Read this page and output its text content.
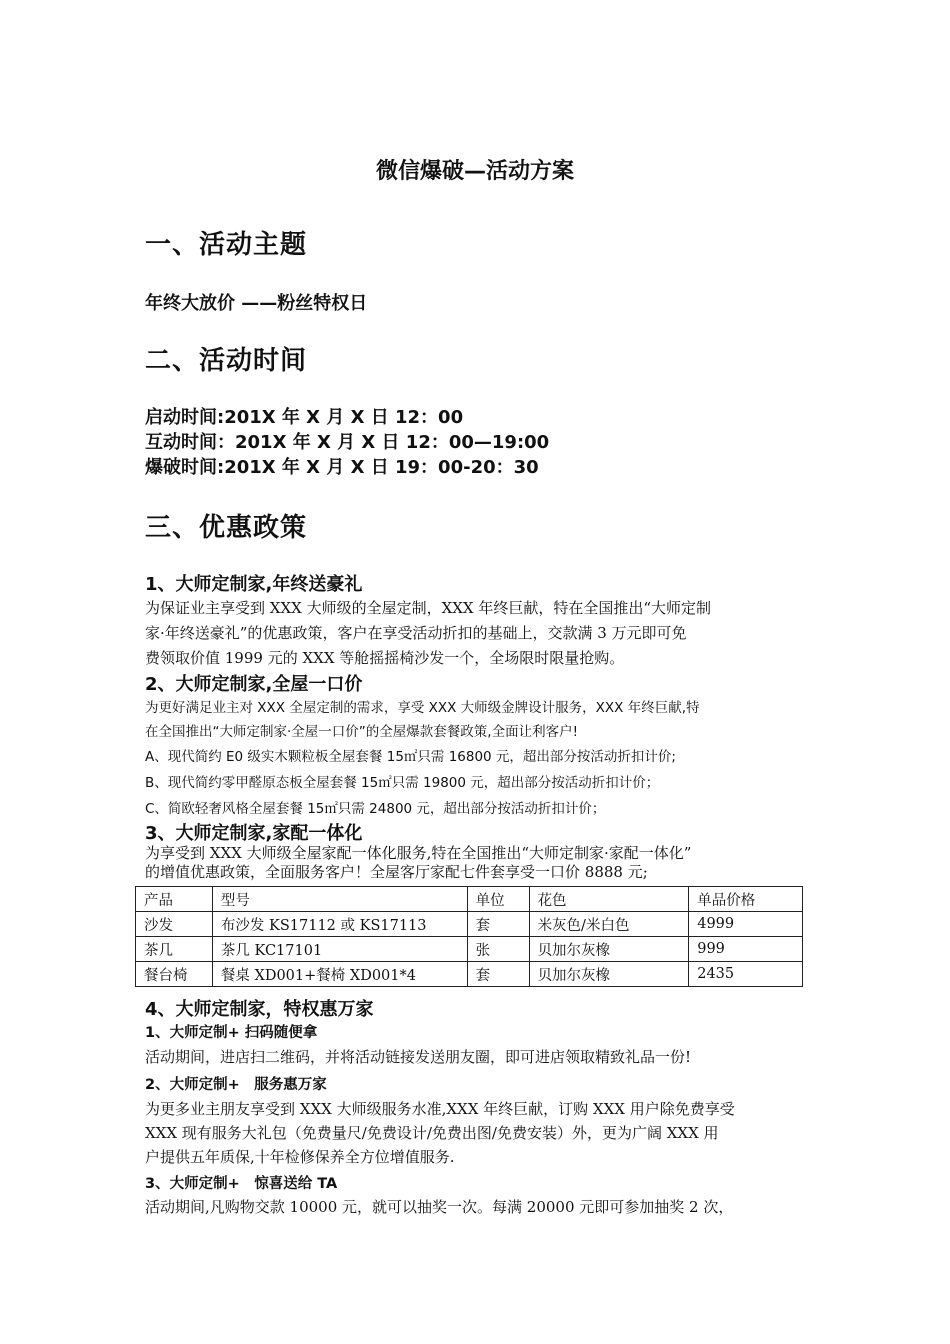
微信爆破—活动方案
一、活动主题
年终大放价 ——粉丝特权日
二、活动时间
启动时间:201X 年 X 月 X 日 12：00
互动时间：201X 年 X 月 X 日 12：00—19:00
爆破时间:201X 年 X 月 X 日 19：00-20：30
三、优惠政策
1、大师定制家,年终送豪礼
为保证业主享受到 XXX 大师级的全屋定制，XXX 年终巨献，特在全国推出“大师定制
家·年终送豪礼”的优惠政策，客户在享受活动折扣的基础上，交款满 3 万元即可免
费领取价值 1999 元的 XXX 等舱摇摇椅沙发一个，全场限时限量抢购。
2、大师定制家,全屋一口价
为更好满足业主对 XXX 全屋定制的需求，享受 XXX 大师级金牌设计服务，XXX 年终巨献,特
在全国推出“大师定制家·全屋一口价”的全屋爆款套餐政策,全面让利客户!
A、现代简约 E0 级实木颗粒板全屋套餐 15㎡只需 16800 元，超出部分按活动折扣计价;
B、现代简约零甲醛原态板全屋套餐 15㎡只需 19800 元，超出部分按活动折扣计价；
C、简欧轻奢风格全屋套餐 15㎡只需 24800 元，超出部分按活动折扣计价；
3、大师定制家,家配一体化
为享受到 XXX 大师级全屋家配一体化服务,特在全国推出“大师定制家·家配一体化”
的增值优惠政策，全面服务客户！全屋客厅家配七件套享受一口价 8888 元;
产品	型号	单位	花色	单品价格
沙发	布沙发 KS17112 或 KS17113	套	米灰色/米白色	4999
茶几	茶几 KC17101	张	贝加尔灰橡	999
餐台椅	餐桌 XD001+餐椅 XD001*4	套	贝加尔灰橡	2435
4、大师定制家，特权惠万家
1、大师定制+ 扫码随便拿
活动期间，进店扫二维码，并将活动链接发送朋友圈，即可进店领取精致礼品一份!
2、大师定制+　服务惠万家
为更多业主朋友享受到 XXX 大师级服务水准,XXX 年终巨献，订购 XXX 用户除免费享受
XXX 现有服务大礼包（免费量尺/免费设计/免费出图/免费安装）外，更为广阔 XXX 用
户提供五年质保,十年检修保养全方位增值服务.
3、大师定制+　惊喜送给 TA
活动期间,凡购物交款 10000 元，就可以抽奖一次。每满 20000 元即可参加抽奖 2 次，
